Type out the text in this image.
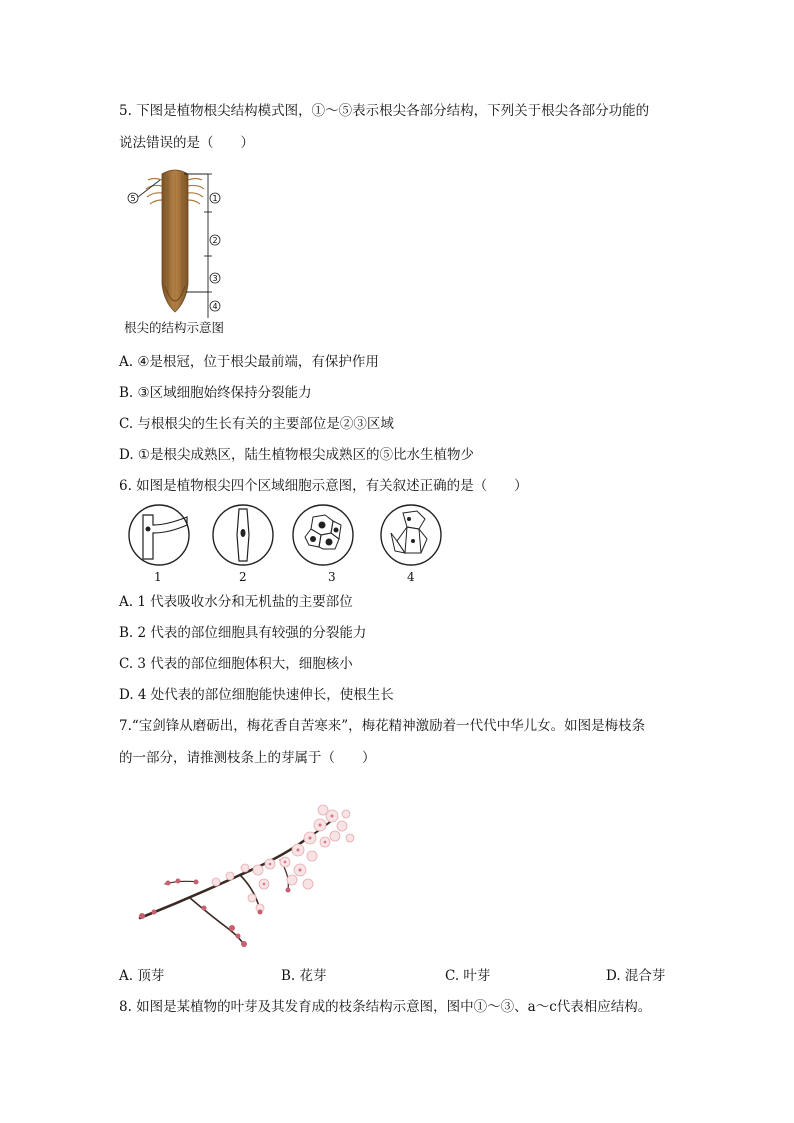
5. 下图是植物根尖结构模式图，①～⑤表示根尖各部分结构，下列关于根尖各部分功能的
说法错误的是（　　）
5	1
2
3
4
根尖的结构示意图
A. ④是根冠，位于根尖最前端，有保护作用
B. ③区域细胞始终保持分裂能力
C. 与根根尖的生长有关的主要部位是②③区域
D. ①是根尖成熟区，陆生植物根尖成熟区的⑤比水生植物少
6. 如图是植物根尖四个区域细胞示意图，有关叙述正确的是（　　）
1	2	3	4
A. 1 代表吸收水分和无机盐的主要部位
B. 2 代表的部位细胞具有较强的分裂能力
C. 3 代表的部位细胞体积大，细胞核小
D. 4 处代表的部位细胞能快速伸长，使根生长
7.“宝剑锋从磨砺出，梅花香自苦寒来”，梅花精神激励着一代代中华儿女。如图是梅枝条
的一部分，请推测枝条上的芽属于（　　）
A. 顶芽	B. 花芽	C. 叶芽	D. 混合芽
8. 如图是某植物的叶芽及其发育成的枝条结构示意图，图中①～③、a～c代表相应结构。
